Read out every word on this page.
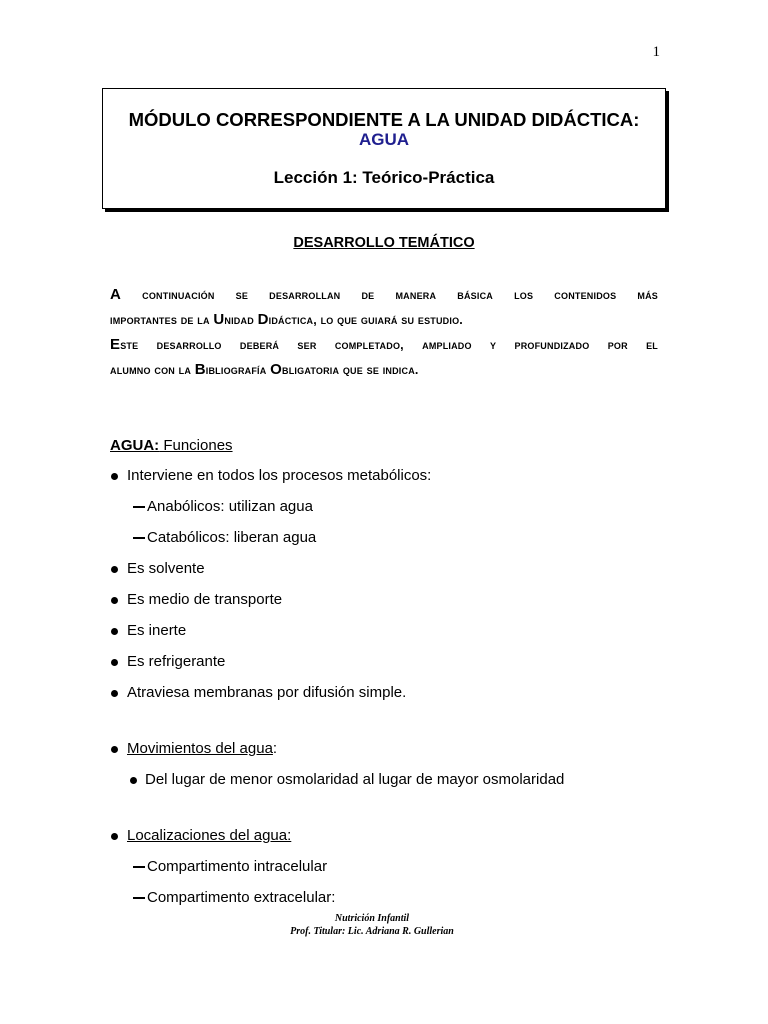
1
MÓDULO CORRESPONDIENTE A LA UNIDAD DIDÁCTICA:
AGUA
Lección 1: Teórico-Práctica
DESARROLLO TEMÁTICO
A continuación se desarrollan de manera básica los contenidos más
importantes de la Unidad Didáctica, lo que guiará su estudio.
Este desarrollo deberá ser completado, ampliado y profundizado por el
alumno con la Bibliografía Obligatoria que se indica.
AGUA: Funciones
Interviene en todos los procesos metabólicos:
Anabólicos: utilizan agua
Catabólicos: liberan agua
Es solvente
Es medio de transporte
Es inerte
Es refrigerante
Atraviesa membranas por difusión simple.
Movimientos del agua:
Del lugar de menor osmolaridad al lugar de mayor osmolaridad
Localizaciones del agua:
Compartimento intracelular
Compartimento extracelular:
Nutrición Infantil
Prof. Titular: Lic. Adriana R. Gullerian
